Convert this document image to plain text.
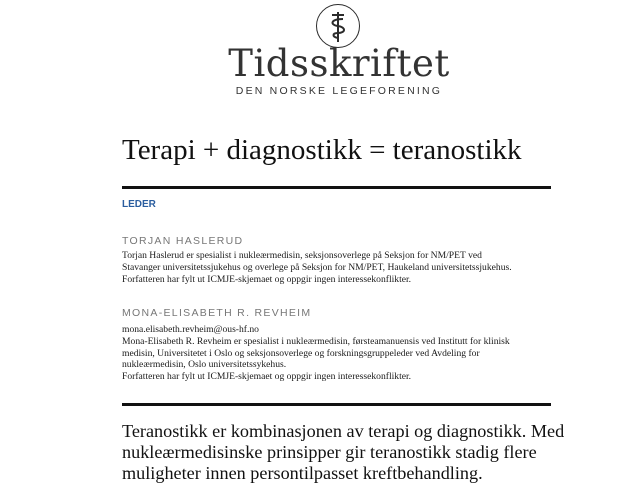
Tidsskriftet
DEN NORSKE LEGEFORENING
Terapi + diagnostikk = teranostikk
LEDER
TORJAN HASLERUD
Torjan Haslerud er spesialist i nukleærmedisin, seksjonsoverlege på Seksjon for NM/PET ved
Stavanger universitetssjukehus og overlege på Seksjon for NM/PET, Haukeland universitetssjukehus.
Forfatteren har fylt ut ICMJE-skjemaet og oppgir ingen interessekonflikter.
MONA-ELISABETH R. REVHEIM
mona.elisabeth.revheim@ous-hf.no
Mona-Elisabeth R. Revheim er spesialist i nukleærmedisin, førsteamanuensis ved Institutt for klinisk
medisin, Universitetet i Oslo og seksjonsoverlege og forskningsgruppeleder ved Avdeling for
nukleærmedisin, Oslo universitetssykehus.
Forfatteren har fylt ut ICMJE-skjemaet og oppgir ingen interessekonflikter.
Teranostikk er kombinasjonen av terapi og diagnostikk. Med
nukleærmedisinske prinsipper gir teranostikk stadig flere
muligheter innen persontilpasset kreftbehandling.
